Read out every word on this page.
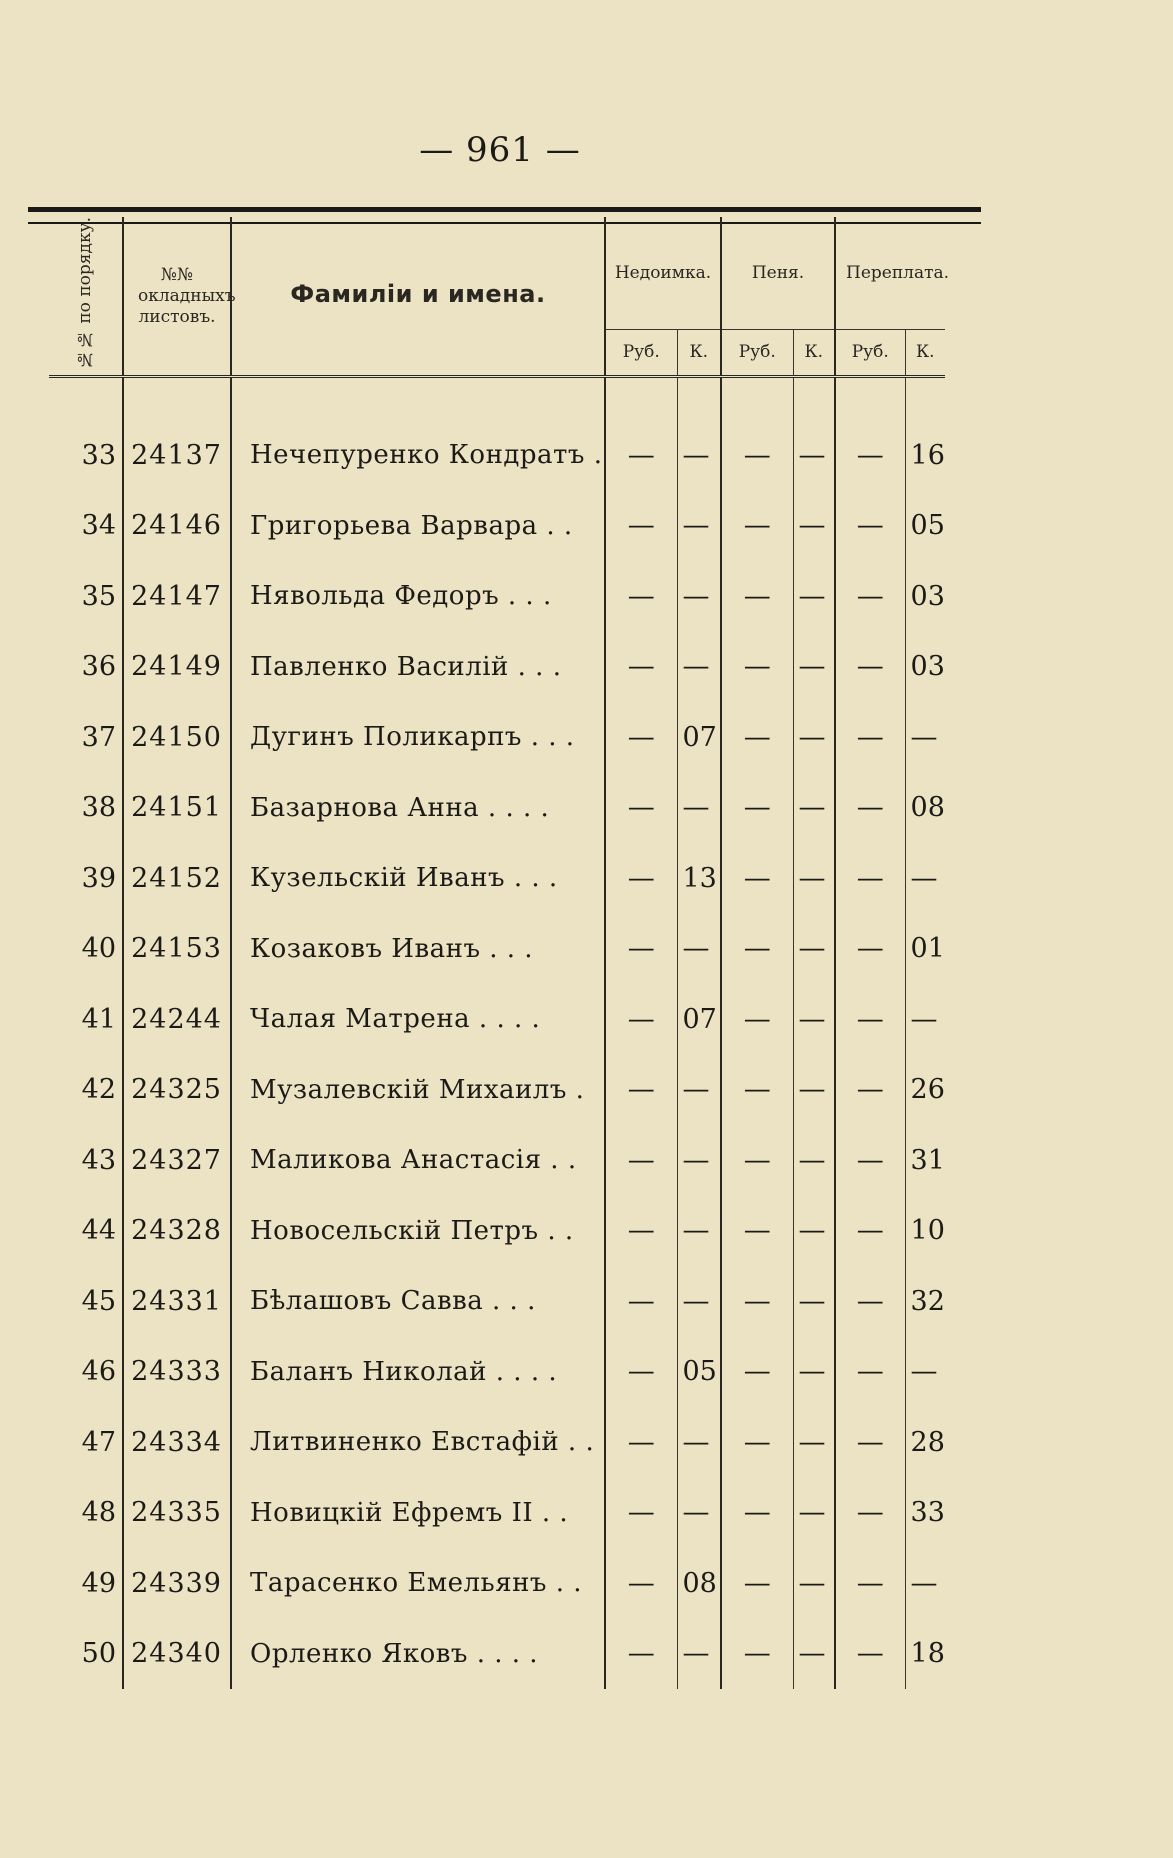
— 961 —
№№ по порядку.	№№ окладныхъ листовъ.	Фамиліи и имена.	Недоимка.		Пеня.		Переплата.	
			Руб.	К.	Руб.	К.	Руб.	К.

33	24137	Нечепуренко Кондратъ .	—	—	—	—	—	16
34	24146	Григорьева Варвара . .	—	—	—	—	—	05
35	24147	Нявольда Федоръ . . .	—	—	—	—	—	03
36	24149	Павленко Василій . . .	—	—	—	—	—	03
37	24150	Дугинъ Поликарпъ . . .	—	07	—	—	—	—
38	24151	Базарнова Анна . . . .	—	—	—	—	—	08
39	24152	Кузельскій Иванъ . . .	—	13	—	—	—	—
40	24153	Козаковъ Иванъ . . .	—	—	—	—	—	01
41	24244	Чалая Матрена . . . .	—	07	—	—	—	—
42	24325	Музалевскій Михаилъ .	—	—	—	—	—	26
43	24327	Маликова Анастасія . .	—	—	—	—	—	31
44	24328	Новосельскій Петръ . .	—	—	—	—	—	10
45	24331	Бѣлашовъ Савва . . .	—	—	—	—	—	32
46	24333	Баланъ Николай . . . .	—	05	—	—	—	—
47	24334	Литвиненко Евстафій . .	—	—	—	—	—	28
48	24335	Новицкій Ефремъ II . .	—	—	—	—	—	33
49	24339	Тарасенко Емельянъ . .	—	08	—	—	—	—
50	24340	Орленко Яковъ . . . .	—	—	—	—	—	18
